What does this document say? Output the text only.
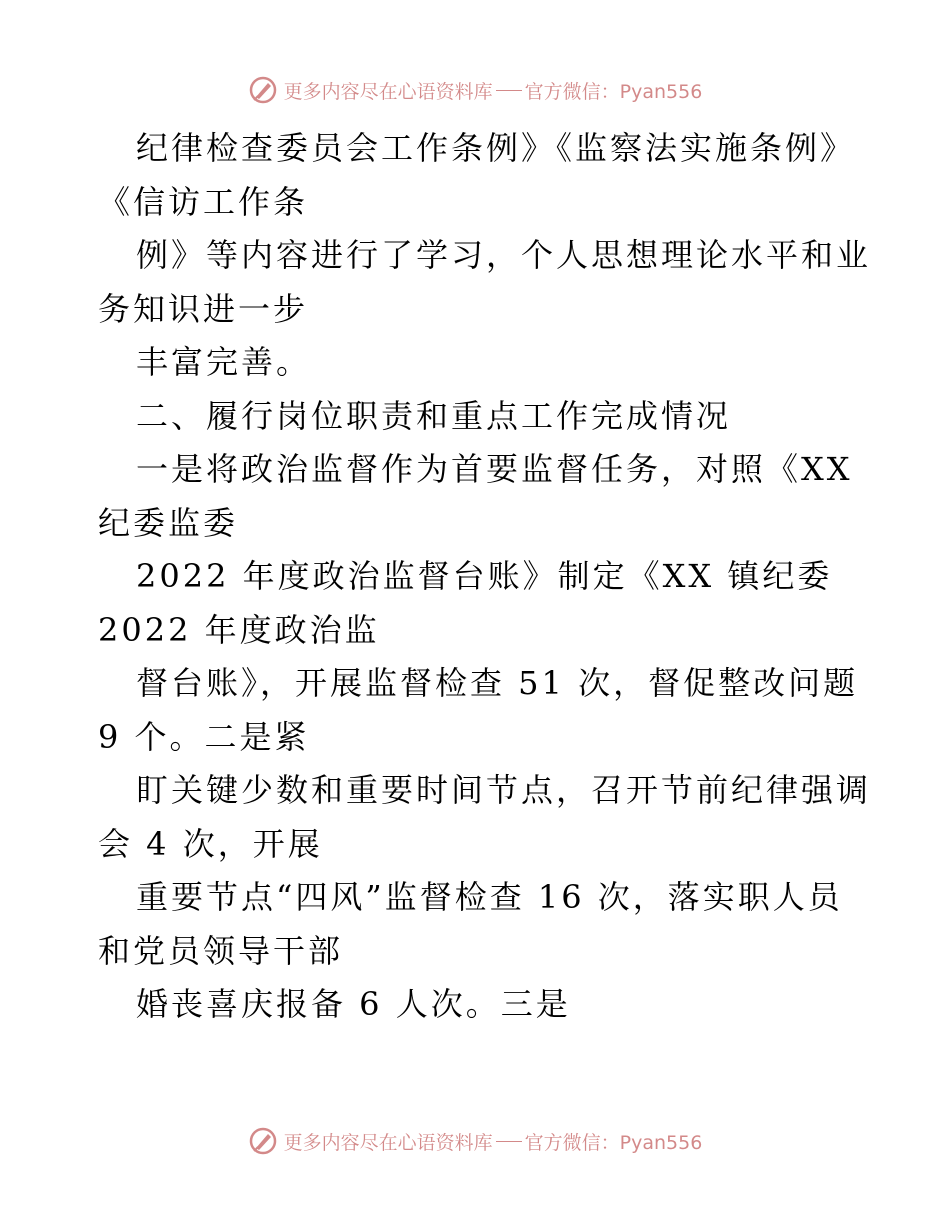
更多内容尽在心语资料库 官方微信：Pyan556
纪律检查委员会工作条例》《监察法实施条例》
《信访工作条
例》等内容进行了学习，个人思想理论水平和业
务知识进一步
丰富完善。
二、履行岗位职责和重点工作完成情况
一是将政治监督作为首要监督任务，对照《XX
纪委监委
2022 年度政治监督台账》制定《XX 镇纪委
2022 年度政治监
督台账》，开展监督检查 51 次，督促整改问题
9 个。二是紧
盯关键少数和重要时间节点，召开节前纪律强调
会 4 次，开展
重要节点“四风”监督检查 16 次，落实职人员
和党员领导干部
婚丧喜庆报备 6 人次。三是
更多内容尽在心语资料库 官方微信：Pyan556
